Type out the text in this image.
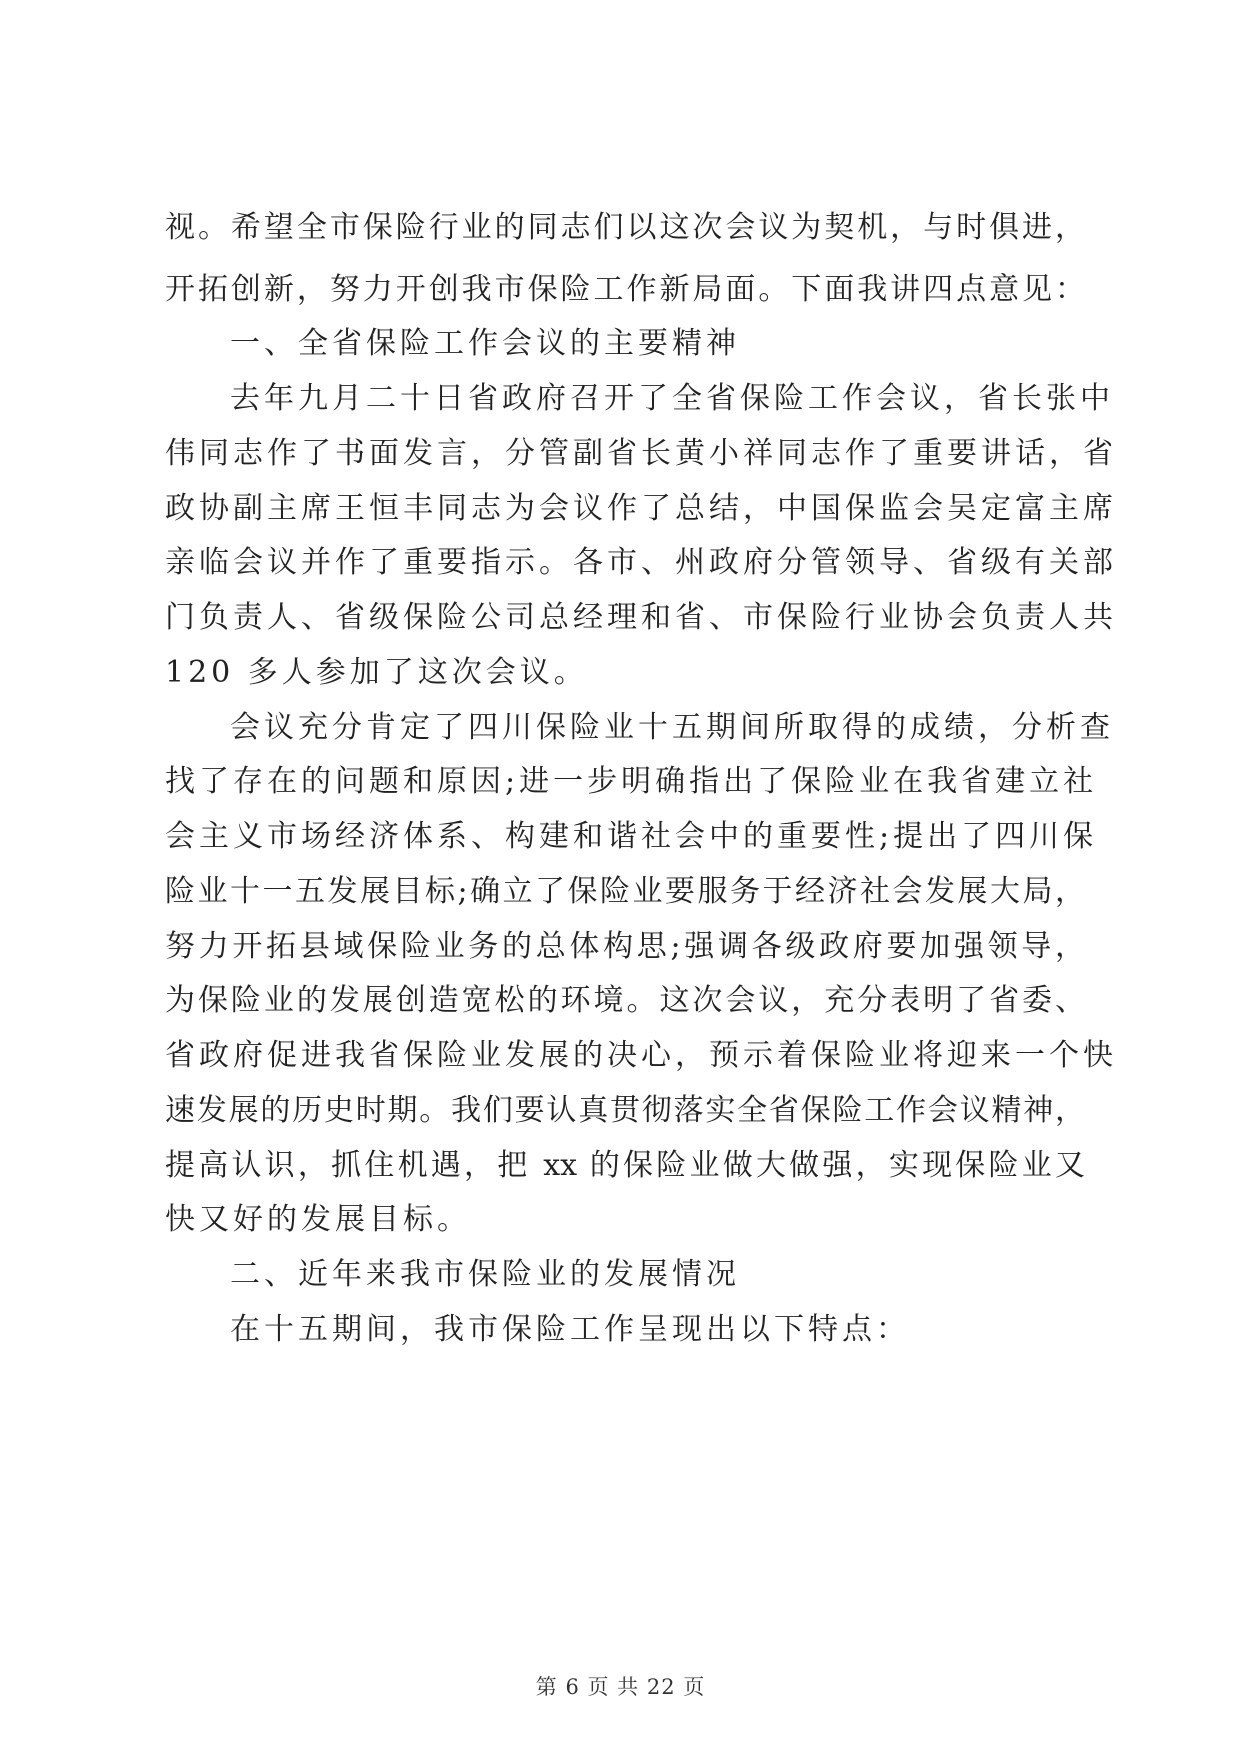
视。希望全市保险行业的同志们以这次会议为契机，与时俱进，
开拓创新，努力开创我市保险工作新局面。下面我讲四点意见：
一、全省保险工作会议的主要精神
去年九月二十日省政府召开了全省保险工作会议，省长张中
伟同志作了书面发言，分管副省长黄小祥同志作了重要讲话，省
政协副主席王恒丰同志为会议作了总结，中国保监会吴定富主席
亲临会议并作了重要指示。各市、州政府分管领导、省级有关部
门负责人、省级保险公司总经理和省、市保险行业协会负责人共
120 多人参加了这次会议。
会议充分肯定了四川保险业十五期间所取得的成绩，分析查
找了存在的问题和原因;进一步明确指出了保险业在我省建立社
会主义市场经济体系、构建和谐社会中的重要性;提出了四川保
险业十一五发展目标;确立了保险业要服务于经济社会发展大局，
努力开拓县域保险业务的总体构思;强调各级政府要加强领导，
为保险业的发展创造宽松的环境。这次会议，充分表明了省委、
省政府促进我省保险业发展的决心，预示着保险业将迎来一个快
速发展的历史时期。我们要认真贯彻落实全省保险工作会议精神，
提高认识，抓住机遇，把 xx 的保险业做大做强，实现保险业又
快又好的发展目标。
二、近年来我市保险业的发展情况
在十五期间，我市保险工作呈现出以下特点：
第 6 页 共 22 页
